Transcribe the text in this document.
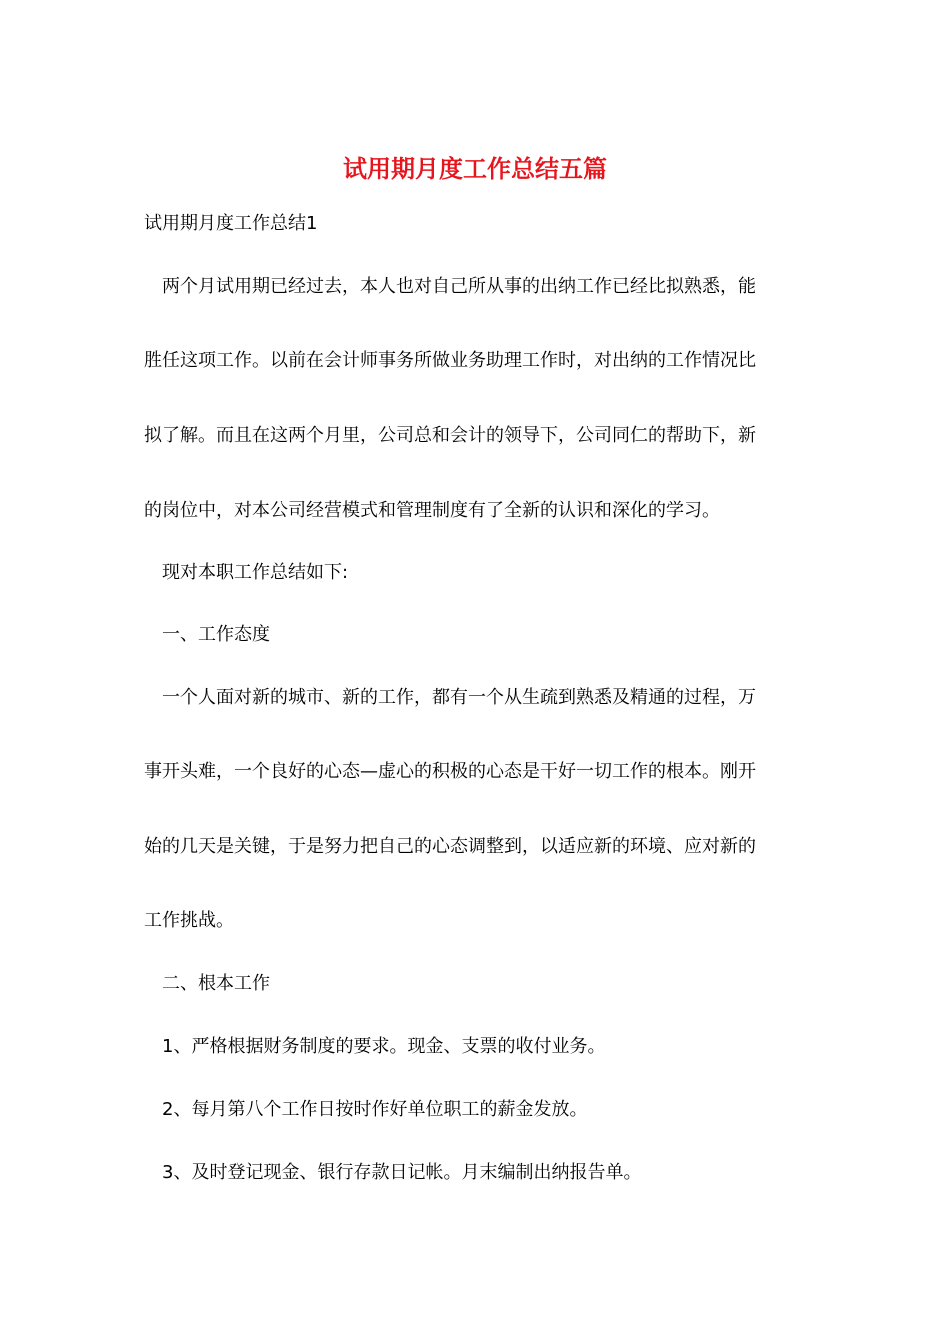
试用期月度工作总结五篇

试用期月度工作总结1

两个月试用期已经过去，本人也对自己所从事的出纳工作已经比拟熟悉，能

胜任这项工作。以前在会计师事务所做业务助理工作时，对出纳的工作情况比

拟了解。而且在这两个月里，公司总和会计的领导下，公司同仁的帮助下，新

的岗位中，对本公司经营模式和管理制度有了全新的认识和深化的学习。

现对本职工作总结如下:

一、工作态度

一个人面对新的城市、新的工作，都有一个从生疏到熟悉及精通的过程，万

事开头难，一个良好的心态—虚心的积极的心态是干好一切工作的根本。刚开

始的几天是关键，于是努力把自己的心态调整到，以适应新的环境、应对新的

工作挑战。

二、根本工作

1、严格根据财务制度的要求。现金、支票的收付业务。

2、每月第八个工作日按时作好单位职工的薪金发放。

3、及时登记现金、银行存款日记帐。月末编制出纳报告单。
